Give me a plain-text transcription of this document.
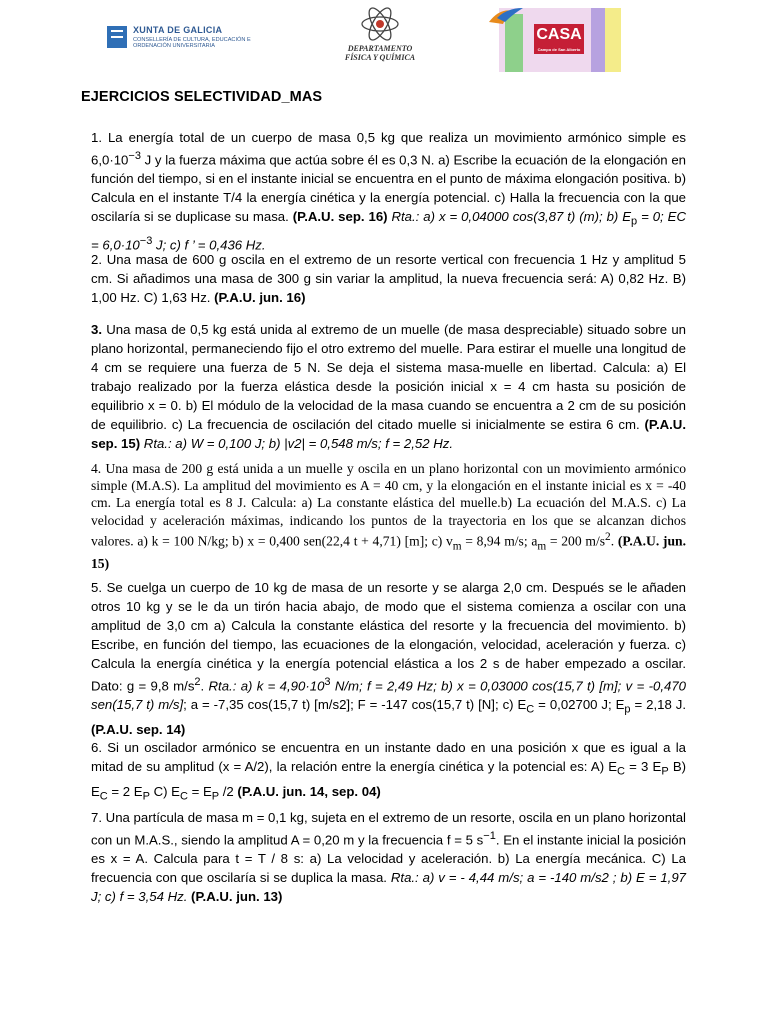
XUNTA DE GALICIA
CONSELLERÍA DE CULTURA, EDUCACIÓN E ORDENACIÓN UNIVERSITARIA	DEPARTAMENTO
FÍSICA Y QUÍMICA
CASA
Campo de San Alberto
EJERCICIOS SELECTIVIDAD_MAS
1. La energía total de un cuerpo de masa 0,5 kg que realiza un movimiento armónico simple es $6,0\cdot 10^{-3}$ J y la fuerza máxima que actúa sobre él es 0,3 N. a) Escribe la ecuación de la elongación en función del tiempo, si en el instante inicial se encuentra en el punto de máxima elongación positiva. b) Calcula en el instante T/4 la energía cinética y la energía potencial. c) Halla la frecuencia con la que oscilaría si se duplicase su masa. (P.A.U. sep. 16) Rta.: a) x = 0,04000 cos(3,87 t) (m); b) $E_p = 0$; EC = $6,0\cdot 10^{-3}$ J; c) f ’ = 0,436 Hz.
2. Una masa de 600 g oscila en el extremo de un resorte vertical con frecuencia 1 Hz y amplitud 5 cm. Si añadimos una masa de 300 g sin variar la amplitud, la nueva frecuencia será: A) 0,82 Hz. B) 1,00 Hz. C) 1,63 Hz. (P.A.U. jun. 16)
3. Una masa de 0,5 kg está unida al extremo de un muelle (de masa despreciable) situado sobre un plano horizontal, permaneciendo fijo el otro extremo del muelle. Para estirar el muelle una longitud de 4 cm se requiere una fuerza de 5 N. Se deja el sistema masa-muelle en libertad. Calcula: a) El trabajo realizado por la fuerza elástica desde la posición inicial x = 4 cm hasta su posición de equilibrio x = 0. b) El módulo de la velocidad de la masa cuando se encuentra a 2 cm de su posición de equilibrio. c) La frecuencia de oscilación del citado muelle si inicialmente se estira 6 cm. (P.A.U. sep. 15) Rta.: a) W = 0,100 J; b) |v2| = 0,548 m/s; f = 2,52 Hz.
4. Una masa de 200 g está unida a un muelle y oscila en un plano horizontal con un movimiento armónico simple (M.A.S). La amplitud del movimiento es A = 40 cm, y la elongación en el instante inicial es x = -40 cm. La energía total es 8 J. Calcula: a) La constante elástica del muelle.b) La ecuación del M.A.S. c) La velocidad y aceleración máximas, indicando los puntos de la trayectoria en los que se alcanzan dichos valores. a) k = 100 N/kg; b) x = 0,400 sen(22,4 t + 4,71) [m]; c) $v_m = 8,94$ m/s; $a_m = 200$ $m/s^2$. (P.A.U. jun. 15)
5. Se cuelga un cuerpo de 10 kg de masa de un resorte y se alarga 2,0 cm. Después se le añaden otros 10 kg y se le da un tirón hacia abajo, de modo que el sistema comienza a oscilar con una amplitud de 3,0 cm a) Calcula la constante elástica del resorte y la frecuencia del movimiento. b) Escribe, en función del tiempo, las ecuaciones de la elongación, velocidad, aceleración y fuerza. c) Calcula la energía cinética y la energía potencial elástica a los 2 s de haber empezado a oscilar. Dato: g = 9,8 $m/s^2$. Rta.: a) $k = 4,90\cdot 10^3$ N/m; f = 2,49 Hz; b) x = 0,03000 cos(15,7 t) [m]; v = -0,470 sen(15,7 t) m/s]; a = -7,35 cos(15,7 t) [m/s2]; F = -147 cos(15,7 t) [N]; c) $E_C = 0,02700$ J; $E_p = 2,18$ J. (P.A.U. sep. 14)
6. Si un oscilador armónico se encuentra en un instante dado en una posición x que es igual a la mitad de su amplitud (x = A/2), la relación entre la energía cinética y la potencial es: A) $E_C = 3$ $E_P$ B) $E_C = 2$ $E_P$ C) $E_C = E_P$ /2 (P.A.U. jun. 14, sep. 04)
7. Una partícula de masa m = 0,1 kg, sujeta en el extremo de un resorte, oscila en un plano horizontal con un M.A.S., siendo la amplitud A = 0,20 m y la frecuencia f = 5 $s^{-1}$. En el instante inicial la posición es x = A. Calcula para t = T / 8 s: a) La velocidad y aceleración. b) La energía mecánica. C) La frecuencia con que oscilaría si se duplica la masa. Rta.: a) v = - 4,44 m/s; a = -140 m/s2 ; b) E = 1,97 J; c) f = 3,54 Hz. (P.A.U. jun. 13)
